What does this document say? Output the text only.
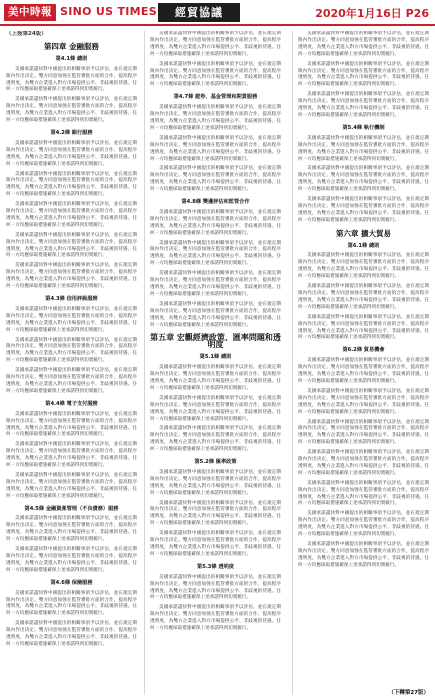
美中時報 SINO US TIMES	經貿協議	2020年1月16日 P26
（上接第24版）
第四章 金融服務
第4.1條 總則

美國承諾盡快對中國提出的相關事項予以評估，並在規定期限內作出決定。雙方同意加強在監管審批方面的合作，提高程序透明度，為雙方企業進入對方市場提供公平、非歧視的待遇。任何一方均應採取措施確保上述承諾得到切實履行。

美國承諾盡快對中國提出的相關事項予以評估，並在規定期限內作出決定。雙方同意加強在監管審批方面的合作，提高程序透明度，為雙方企業進入對方市場提供公平、非歧視的待遇。任何一方均應採取措施確保上述承諾得到切實履行。

第4.2條 銀行服務

美國承諾盡快對中國提出的相關事項予以評估，並在規定期限內作出決定。雙方同意加強在監管審批方面的合作，提高程序透明度，為雙方企業進入對方市場提供公平、非歧視的待遇。任何一方均應採取措施確保上述承諾得到切實履行。

美國承諾盡快對中國提出的相關事項予以評估，並在規定期限內作出決定。雙方同意加強在監管審批方面的合作，提高程序透明度，為雙方企業進入對方市場提供公平、非歧視的待遇。任何一方均應採取措施確保上述承諾得到切實履行。

美國承諾盡快對中國提出的相關事項予以評估，並在規定期限內作出決定。雙方同意加強在監管審批方面的合作，提高程序透明度，為雙方企業進入對方市場提供公平、非歧視的待遇。任何一方均應採取措施確保上述承諾得到切實履行。

美國承諾盡快對中國提出的相關事項予以評估，並在規定期限內作出決定。雙方同意加強在監管審批方面的合作，提高程序透明度，為雙方企業進入對方市場提供公平、非歧視的待遇。任何一方均應採取措施確保上述承諾得到切實履行。

美國承諾盡快對中國提出的相關事項予以評估，並在規定期限內作出決定。雙方同意加強在監管審批方面的合作，提高程序透明度，為雙方企業進入對方市場提供公平、非歧視的待遇。任何一方均應採取措施確保上述承諾得到切實履行。

第4.3條 信用評級服務

美國承諾盡快對中國提出的相關事項予以評估，並在規定期限內作出決定。雙方同意加強在監管審批方面的合作，提高程序透明度，為雙方企業進入對方市場提供公平、非歧視的待遇。任何一方均應採取措施確保上述承諾得到切實履行。

美國承諾盡快對中國提出的相關事項予以評估，並在規定期限內作出決定。雙方同意加強在監管審批方面的合作，提高程序透明度，為雙方企業進入對方市場提供公平、非歧視的待遇。任何一方均應採取措施確保上述承諾得到切實履行。

美國承諾盡快對中國提出的相關事項予以評估，並在規定期限內作出決定。雙方同意加強在監管審批方面的合作，提高程序透明度，為雙方企業進入對方市場提供公平、非歧視的待遇。任何一方均應採取措施確保上述承諾得到切實履行。

第4.4條 電子支付服務

美國承諾盡快對中國提出的相關事項予以評估，並在規定期限內作出決定。雙方同意加強在監管審批方面的合作，提高程序透明度，為雙方企業進入對方市場提供公平、非歧視的待遇。任何一方均應採取措施確保上述承諾得到切實履行。

美國承諾盡快對中國提出的相關事項予以評估，並在規定期限內作出決定。雙方同意加強在監管審批方面的合作，提高程序透明度，為雙方企業進入對方市場提供公平、非歧視的待遇。任何一方均應採取措施確保上述承諾得到切實履行。

美國承諾盡快對中國提出的相關事項予以評估，並在規定期限內作出決定。雙方同意加強在監管審批方面的合作，提高程序透明度，為雙方企業進入對方市場提供公平、非歧視的待遇。任何一方均應採取措施確保上述承諾得到切實履行。

第4.5條 金融資產管理（不良債務）服務

美國承諾盡快對中國提出的相關事項予以評估，並在規定期限內作出決定。雙方同意加強在監管審批方面的合作，提高程序透明度，為雙方企業進入對方市場提供公平、非歧視的待遇。任何一方均應採取措施確保上述承諾得到切實履行。

美國承諾盡快對中國提出的相關事項予以評估，並在規定期限內作出決定。雙方同意加強在監管審批方面的合作，提高程序透明度，為雙方企業進入對方市場提供公平、非歧視的待遇。任何一方均應採取措施確保上述承諾得到切實履行。

第4.6條 保險服務

美國承諾盡快對中國提出的相關事項予以評估，並在規定期限內作出決定。雙方同意加強在監管審批方面的合作，提高程序透明度，為雙方企業進入對方市場提供公平、非歧視的待遇。任何一方均應採取措施確保上述承諾得到切實履行。

美國承諾盡快對中國提出的相關事項予以評估，並在規定期限內作出決定。雙方同意加強在監管審批方面的合作，提高程序透明度，為雙方企業進入對方市場提供公平、非歧視的待遇。任何一方均應採取措施確保上述承諾得到切實履行。

美國承諾盡快對中國提出的相關事項予以評估，並在規定期限內作出決定。雙方同意加強在監管審批方面的合作，提高程序透明度，為雙方企業進入對方市場提供公平、非歧視的待遇。任何一方均應採取措施確保上述承諾得到切實履行。

美國承諾盡快對中國提出的相關事項予以評估，並在規定期限內作出決定。雙方同意加強在監管審批方面的合作，提高程序透明度，為雙方企業進入對方市場提供公平、非歧視的待遇。任何一方均應採取措施確保上述承諾得到切實履行。

第4.7條 證券、基金管理和期貨服務

美國承諾盡快對中國提出的相關事項予以評估，並在規定期限內作出決定。雙方同意加強在監管審批方面的合作，提高程序透明度，為雙方企業進入對方市場提供公平、非歧視的待遇。任何一方均應採取措施確保上述承諾得到切實履行。

美國承諾盡快對中國提出的相關事項予以評估，並在規定期限內作出決定。雙方同意加強在監管審批方面的合作，提高程序透明度，為雙方企業進入對方市場提供公平、非歧視的待遇。任何一方均應採取措施確保上述承諾得到切實履行。

美國承諾盡快對中國提出的相關事項予以評估，並在規定期限內作出決定。雙方同意加強在監管審批方面的合作，提高程序透明度，為雙方企業進入對方市場提供公平、非歧視的待遇。任何一方均應採取措施確保上述承諾得到切實履行。

第4.8條 雙邊評估和監管合作

美國承諾盡快對中國提出的相關事項予以評估，並在規定期限內作出決定。雙方同意加強在監管審批方面的合作，提高程序透明度，為雙方企業進入對方市場提供公平、非歧視的待遇。任何一方均應採取措施確保上述承諾得到切實履行。

美國承諾盡快對中國提出的相關事項予以評估，並在規定期限內作出決定。雙方同意加強在監管審批方面的合作，提高程序透明度，為雙方企業進入對方市場提供公平、非歧視的待遇。任何一方均應採取措施確保上述承諾得到切實履行。

美國承諾盡快對中國提出的相關事項予以評估，並在規定期限內作出決定。雙方同意加強在監管審批方面的合作，提高程序透明度，為雙方企業進入對方市場提供公平、非歧視的待遇。任何一方均應採取措施確保上述承諾得到切實履行。

美國承諾盡快對中國提出的相關事項予以評估，並在規定期限內作出決定。雙方同意加強在監管審批方面的合作，提高程序透明度，為雙方企業進入對方市場提供公平、非歧視的待遇。任何一方均應採取措施確保上述承諾得到切實履行。

第五章 宏觀經濟政策、匯率問題和透明度
第5.1條 總則

美國承諾盡快對中國提出的相關事項予以評估，並在規定期限內作出決定。雙方同意加強在監管審批方面的合作，提高程序透明度，為雙方企業進入對方市場提供公平、非歧視的待遇。任何一方均應採取措施確保上述承諾得到切實履行。

美國承諾盡快對中國提出的相關事項予以評估，並在規定期限內作出決定。雙方同意加強在監管審批方面的合作，提高程序透明度，為雙方企業進入對方市場提供公平、非歧視的待遇。任何一方均應採取措施確保上述承諾得到切實履行。

美國承諾盡快對中國提出的相關事項予以評估，並在規定期限內作出決定。雙方同意加強在監管審批方面的合作，提高程序透明度，為雙方企業進入對方市場提供公平、非歧視的待遇。任何一方均應採取措施確保上述承諾得到切實履行。

第5.2條 匯率政策

美國承諾盡快對中國提出的相關事項予以評估，並在規定期限內作出決定。雙方同意加強在監管審批方面的合作，提高程序透明度，為雙方企業進入對方市場提供公平、非歧視的待遇。任何一方均應採取措施確保上述承諾得到切實履行。

美國承諾盡快對中國提出的相關事項予以評估，並在規定期限內作出決定。雙方同意加強在監管審批方面的合作，提高程序透明度，為雙方企業進入對方市場提供公平、非歧視的待遇。任何一方均應採取措施確保上述承諾得到切實履行。

美國承諾盡快對中國提出的相關事項予以評估，並在規定期限內作出決定。雙方同意加強在監管審批方面的合作，提高程序透明度，為雙方企業進入對方市場提供公平、非歧視的待遇。任何一方均應採取措施確保上述承諾得到切實履行。

第5.3條 透明度

美國承諾盡快對中國提出的相關事項予以評估，並在規定期限內作出決定。雙方同意加強在監管審批方面的合作，提高程序透明度，為雙方企業進入對方市場提供公平、非歧視的待遇。任何一方均應採取措施確保上述承諾得到切實履行。

美國承諾盡快對中國提出的相關事項予以評估，並在規定期限內作出決定。雙方同意加強在監管審批方面的合作，提高程序透明度，為雙方企業進入對方市場提供公平、非歧視的待遇。任何一方均應採取措施確保上述承諾得到切實履行。

美國承諾盡快對中國提出的相關事項予以評估，並在規定期限內作出決定。雙方同意加強在監管審批方面的合作，提高程序透明度，為雙方企業進入對方市場提供公平、非歧視的待遇。任何一方均應採取措施確保上述承諾得到切實履行。

美國承諾盡快對中國提出的相關事項予以評估，並在規定期限內作出決定。雙方同意加強在監管審批方面的合作，提高程序透明度，為雙方企業進入對方市場提供公平、非歧視的待遇。任何一方均應採取措施確保上述承諾得到切實履行。

美國承諾盡快對中國提出的相關事項予以評估，並在規定期限內作出決定。雙方同意加強在監管審批方面的合作，提高程序透明度，為雙方企業進入對方市場提供公平、非歧視的待遇。任何一方均應採取措施確保上述承諾得到切實履行。

第5.4條 執行機制

美國承諾盡快對中國提出的相關事項予以評估，並在規定期限內作出決定。雙方同意加強在監管審批方面的合作，提高程序透明度，為雙方企業進入對方市場提供公平、非歧視的待遇。任何一方均應採取措施確保上述承諾得到切實履行。

美國承諾盡快對中國提出的相關事項予以評估，並在規定期限內作出決定。雙方同意加強在監管審批方面的合作，提高程序透明度，為雙方企業進入對方市場提供公平、非歧視的待遇。任何一方均應採取措施確保上述承諾得到切實履行。

美國承諾盡快對中國提出的相關事項予以評估，並在規定期限內作出決定。雙方同意加強在監管審批方面的合作，提高程序透明度，為雙方企業進入對方市場提供公平、非歧視的待遇。任何一方均應採取措施確保上述承諾得到切實履行。

第六章 擴大貿易
第6.1條 總則

美國承諾盡快對中國提出的相關事項予以評估，並在規定期限內作出決定。雙方同意加強在監管審批方面的合作，提高程序透明度，為雙方企業進入對方市場提供公平、非歧視的待遇。任何一方均應採取措施確保上述承諾得到切實履行。

美國承諾盡快對中國提出的相關事項予以評估，並在規定期限內作出決定。雙方同意加強在監管審批方面的合作，提高程序透明度，為雙方企業進入對方市場提供公平、非歧視的待遇。任何一方均應採取措施確保上述承諾得到切實履行。

美國承諾盡快對中國提出的相關事項予以評估，並在規定期限內作出決定。雙方同意加強在監管審批方面的合作，提高程序透明度，為雙方企業進入對方市場提供公平、非歧視的待遇。任何一方均應採取措施確保上述承諾得到切實履行。

第6.2條 貿易機會

美國承諾盡快對中國提出的相關事項予以評估，並在規定期限內作出決定。雙方同意加強在監管審批方面的合作，提高程序透明度，為雙方企業進入對方市場提供公平、非歧視的待遇。任何一方均應採取措施確保上述承諾得到切實履行。

美國承諾盡快對中國提出的相關事項予以評估，並在規定期限內作出決定。雙方同意加強在監管審批方面的合作，提高程序透明度，為雙方企業進入對方市場提供公平、非歧視的待遇。任何一方均應採取措施確保上述承諾得到切實履行。

美國承諾盡快對中國提出的相關事項予以評估，並在規定期限內作出決定。雙方同意加強在監管審批方面的合作，提高程序透明度，為雙方企業進入對方市場提供公平、非歧視的待遇。任何一方均應採取措施確保上述承諾得到切實履行。

美國承諾盡快對中國提出的相關事項予以評估，並在規定期限內作出決定。雙方同意加強在監管審批方面的合作，提高程序透明度，為雙方企業進入對方市場提供公平、非歧視的待遇。任何一方均應採取措施確保上述承諾得到切實履行。

美國承諾盡快對中國提出的相關事項予以評估，並在規定期限內作出決定。雙方同意加強在監管審批方面的合作，提高程序透明度，為雙方企業進入對方市場提供公平、非歧視的待遇。任何一方均應採取措施確保上述承諾得到切實履行。

美國承諾盡快對中國提出的相關事項予以評估，並在規定期限內作出決定。雙方同意加強在監管審批方面的合作，提高程序透明度，為雙方企業進入對方市場提供公平、非歧視的待遇。任何一方均應採取措施確保上述承諾得到切實履行。

美國承諾盡快對中國提出的相關事項予以評估，並在規定期限內作出決定。雙方同意加強在監管審批方面的合作，提高程序透明度，為雙方企業進入對方市場提供公平、非歧視的待遇。任何一方均應採取措施確保上述承諾得到切實履行。

（下轉第27版）
